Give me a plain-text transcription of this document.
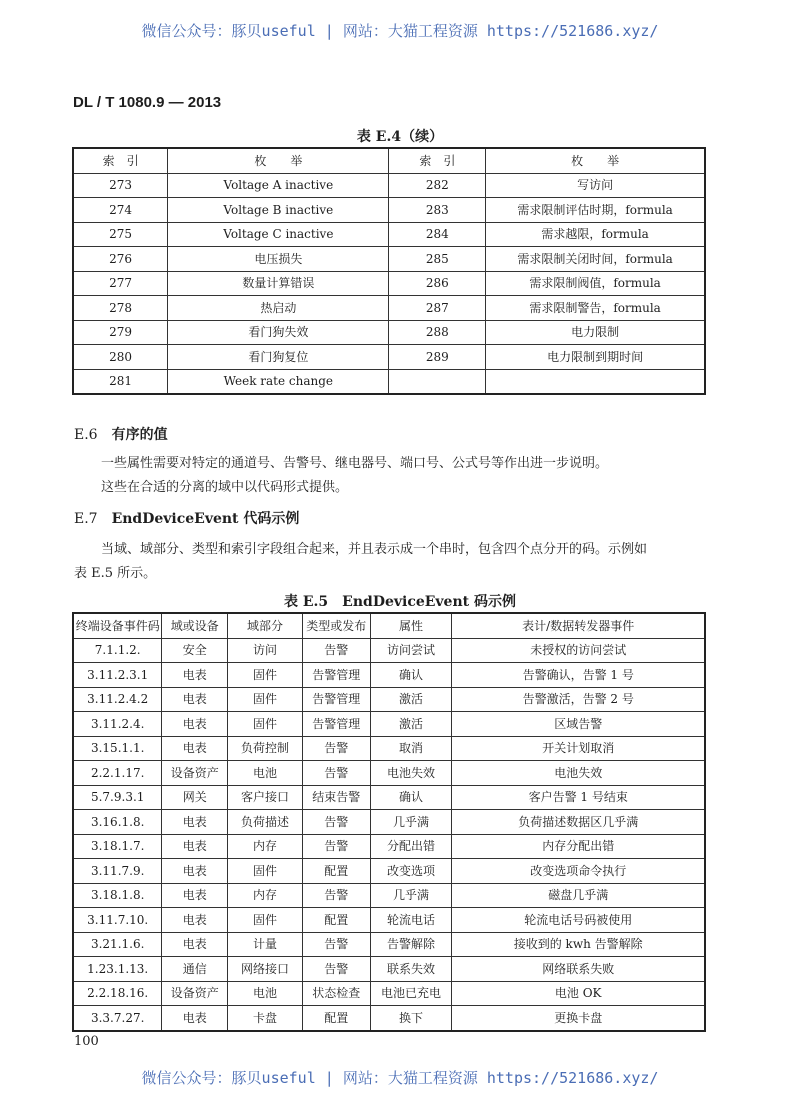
微信公众号：豚贝useful | 网站：大猫工程资源 https://521686.xyz/
DL / T 1080.9 — 2013
表 E.4（续）
索　引	枚　　举	索　引	枚　　举
273	Voltage A inactive	282	写访问
274	Voltage B inactive	283	需求限制评估时期，formula
275	Voltage C inactive	284	需求越限，formula
276	电压损失	285	需求限制关闭时间，formula
277	数量计算错误	286	需求限制阀值，formula
278	热启动	287	需求限制警告，formula
279	看门狗失效	288	电力限制
280	看门狗复位	289	电力限制到期时间
281	Week rate change		
E.6 有序的值

一些属性需要对特定的通道号、告警号、继电器号、端口号、公式号等作出进一步说明。

这些在合适的分离的域中以代码形式提供。

E.7 EndDeviceEvent 代码示例

当域、域部分、类型和索引字段组合起来，并且表示成一个串时，包含四个点分开的码。示例如

表 E.5 所示。

表 E.5　EndDeviceEvent 码示例
终端设备事件码	域或设备	域部分	类型或发布	属性	表计/数据转发器事件
7.1.1.2.	安全	访问	告警	访问尝试	未授权的访问尝试
3.11.2.3.1	电表	固件	告警管理	确认	告警确认，告警 1 号
3.11.2.4.2	电表	固件	告警管理	激活	告警激活，告警 2 号
3.11.2.4.	电表	固件	告警管理	激活	区域告警
3.15.1.1.	电表	负荷控制	告警	取消	开关计划取消
2.2.1.17.	设备资产	电池	告警	电池失效	电池失效
5.7.9.3.1	网关	客户接口	结束告警	确认	客户告警 1 号结束
3.16.1.8.	电表	负荷描述	告警	几乎满	负荷描述数据区几乎满
3.18.1.7.	电表	内存	告警	分配出错	内存分配出错
3.11.7.9.	电表	固件	配置	改变选项	改变选项命令执行
3.18.1.8.	电表	内存	告警	几乎满	磁盘几乎满
3.11.7.10.	电表	固件	配置	轮流电话	轮流电话号码被使用
3.21.1.6.	电表	计量	告警	告警解除	接收到的 kwh 告警解除
1.23.1.13.	通信	网络接口	告警	联系失效	网络联系失败
2.2.18.16.	设备资产	电池	状态检查	电池已充电	电池 OK
3.3.7.27.	电表	卡盘	配置	换下	更换卡盘
100
微信公众号：豚贝useful | 网站：大猫工程资源 https://521686.xyz/
